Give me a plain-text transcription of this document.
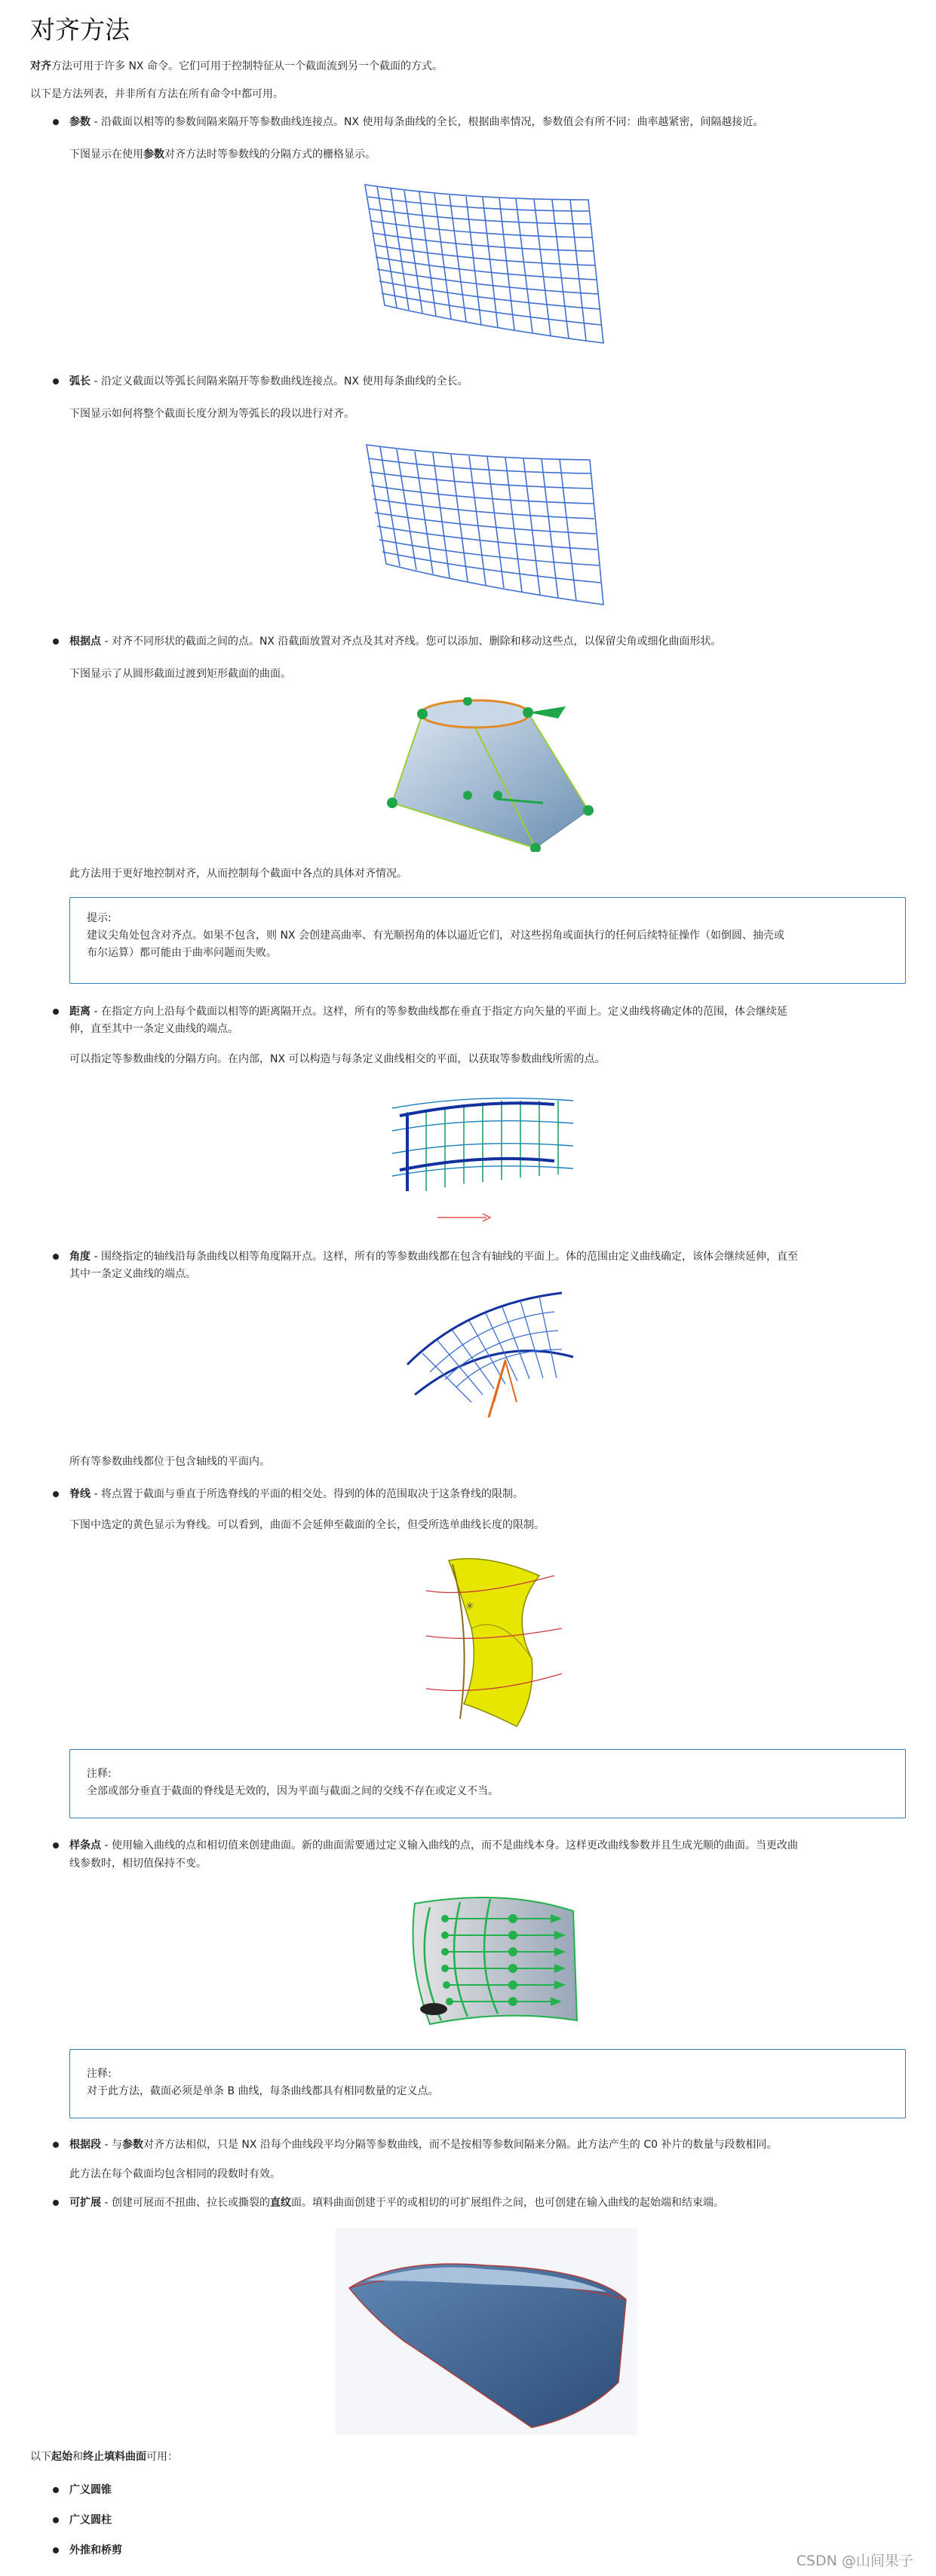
对齐方法

对齐方法可用于许多 NX 命令。它们可用于控制特征从一个截面流到另一个截面的方式。

以下是方法列表，并非所有方法在所有命令中都可用。

参数 - 沿截面以相等的参数间隔来隔开等参数曲线连接点。NX 使用每条曲线的全长，根据曲率情况，参数值会有所不同：曲率越紧密，间隔越接近。

下图显示在使用参数对齐方法时等参数线的分隔方式的栅格显示。

弧长 - 沿定义截面以等弧长间隔来隔开等参数曲线连接点。NX 使用每条曲线的全长。

下图显示如何将整个截面长度分割为等弧长的段以进行对齐。

根据点 - 对齐不同形状的截面之间的点。NX 沿截面放置对齐点及其对齐线。您可以添加、删除和移动这些点，以保留尖角或细化曲面形状。

下图显示了从圆形截面过渡到矩形截面的曲面。

此方法用于更好地控制对齐，从而控制每个截面中各点的具体对齐情况。

提示:
建议尖角处包含对齐点。如果不包含，则 NX 会创建高曲率、有光顺拐角的体以逼近它们，对这些拐角或面执行的任何后续特征操作（如倒圆、抽壳或
布尔运算）都可能由于曲率问题而失败。

距离 - 在指定方向上沿每个截面以相等的距离隔开点。这样，所有的等参数曲线都在垂直于指定方向矢量的平面上。定义曲线将确定体的范围，体会继续延

伸，直至其中一条定义曲线的端点。

可以指定等参数曲线的分隔方向。在内部，NX 可以构造与每条定义曲线相交的平面，以获取等参数曲线所需的点。

角度 - 围绕指定的轴线沿每条曲线以相等角度隔开点。这样，所有的等参数曲线都在包含有轴线的平面上。体的范围由定义曲线确定，该体会继续延伸，直至

其中一条定义曲线的端点。

所有等参数曲线都位于包含轴线的平面内。

脊线 - 将点置于截面与垂直于所选脊线的平面的相交处。得到的体的范围取决于这条脊线的限制。

下图中选定的黄色显示为脊线。可以看到，曲面不会延伸至截面的全长，但受所选单曲线长度的限制。

✳
注释:
全部或部分垂直于截面的脊线是无效的，因为平面与截面之间的交线不存在或定义不当。

样条点 - 使用输入曲线的点和相切值来创建曲面。新的曲面需要通过定义输入曲线的点，而不是曲线本身。这样更改曲线参数并且生成光顺的曲面。当更改曲

线参数时，相切值保持不变。

注释:
对于此方法，截面必须是单条 B 曲线，每条曲线都具有相同数量的定义点。

根据段 - 与参数对齐方法相似，只是 NX 沿每个曲线段平均分隔等参数曲线，而不是按相等参数间隔来分隔。此方法产生的 C0 补片的数量与段数相同。

此方法在每个截面均包含相同的段数时有效。

可扩展 - 创建可展而不扭曲、拉长或撕裂的直纹面。填料曲面创建于平的或相切的可扩展组件之间，也可创建在输入曲线的起始端和结束端。

以下起始和终止填料曲面可用：

广义圆锥

广义圆柱

外推和桥剪

CSDN @山间果子
